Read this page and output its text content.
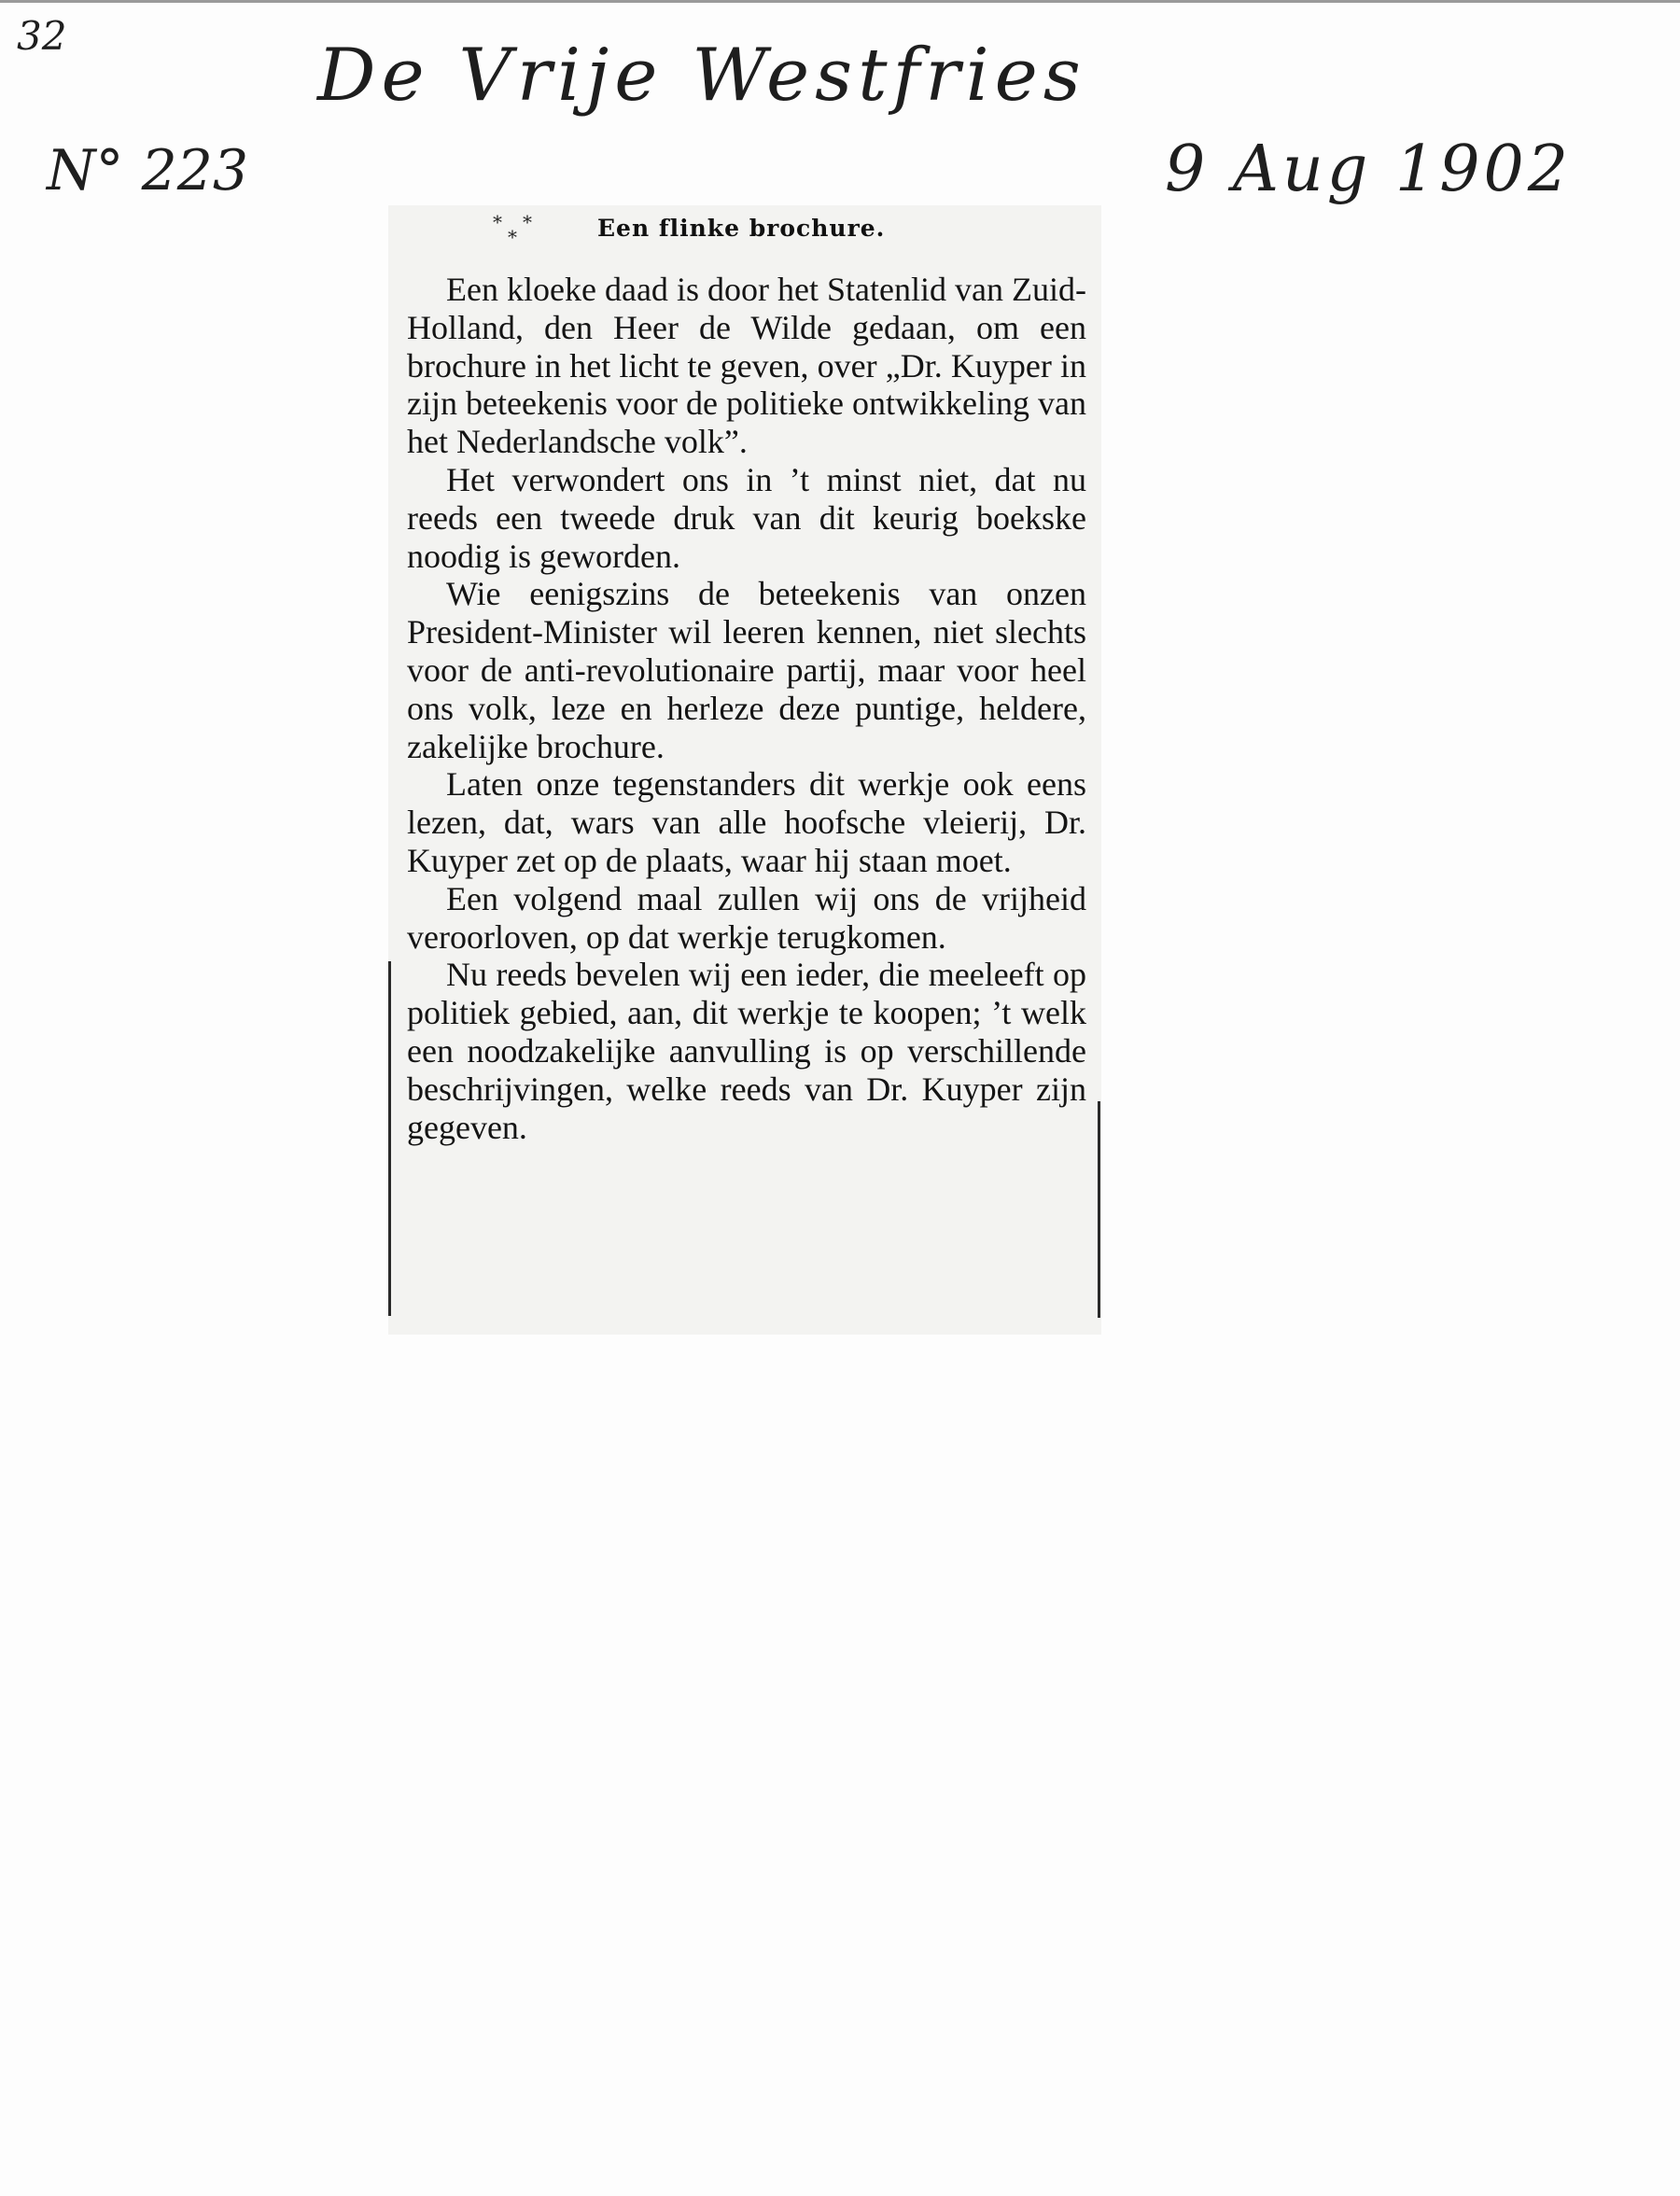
32	De Vrije Westfries
N° 223	9 Aug 1902
* *
*	Een flinke brochure.

Een kloeke daad is door het Statenlid van Zuid-Holland, den Heer de Wilde gedaan, om een brochure in het licht te geven, over „Dr. Kuyper in zijn beteekenis voor de politieke ontwikkeling van het Nederlandsche volk”.

Het verwondert ons in ’t minst niet, dat nu reeds een tweede druk van dit keurig boekske noodig is geworden.

Wie eenigszins de beteekenis van onzen President-Minister wil leeren kennen, niet slechts voor de anti-revolutionaire partij, maar voor heel ons volk, leze en herleze deze puntige, heldere, zakelijke brochure.

Laten onze tegenstanders dit werkje ook eens lezen, dat, wars van alle hoofsche vleierij, Dr. Kuyper zet op de plaats, waar hij staan moet.

Een volgend maal zullen wij ons de vrijheid veroorloven, op dat werkje terugkomen.

Nu reeds bevelen wij een ieder, die meeleeft op politiek gebied, aan, dit werkje te koopen; ’t welk een noodzakelijke aanvulling is op verschillende beschrijvingen, welke reeds van Dr. Kuyper zijn gegeven.
